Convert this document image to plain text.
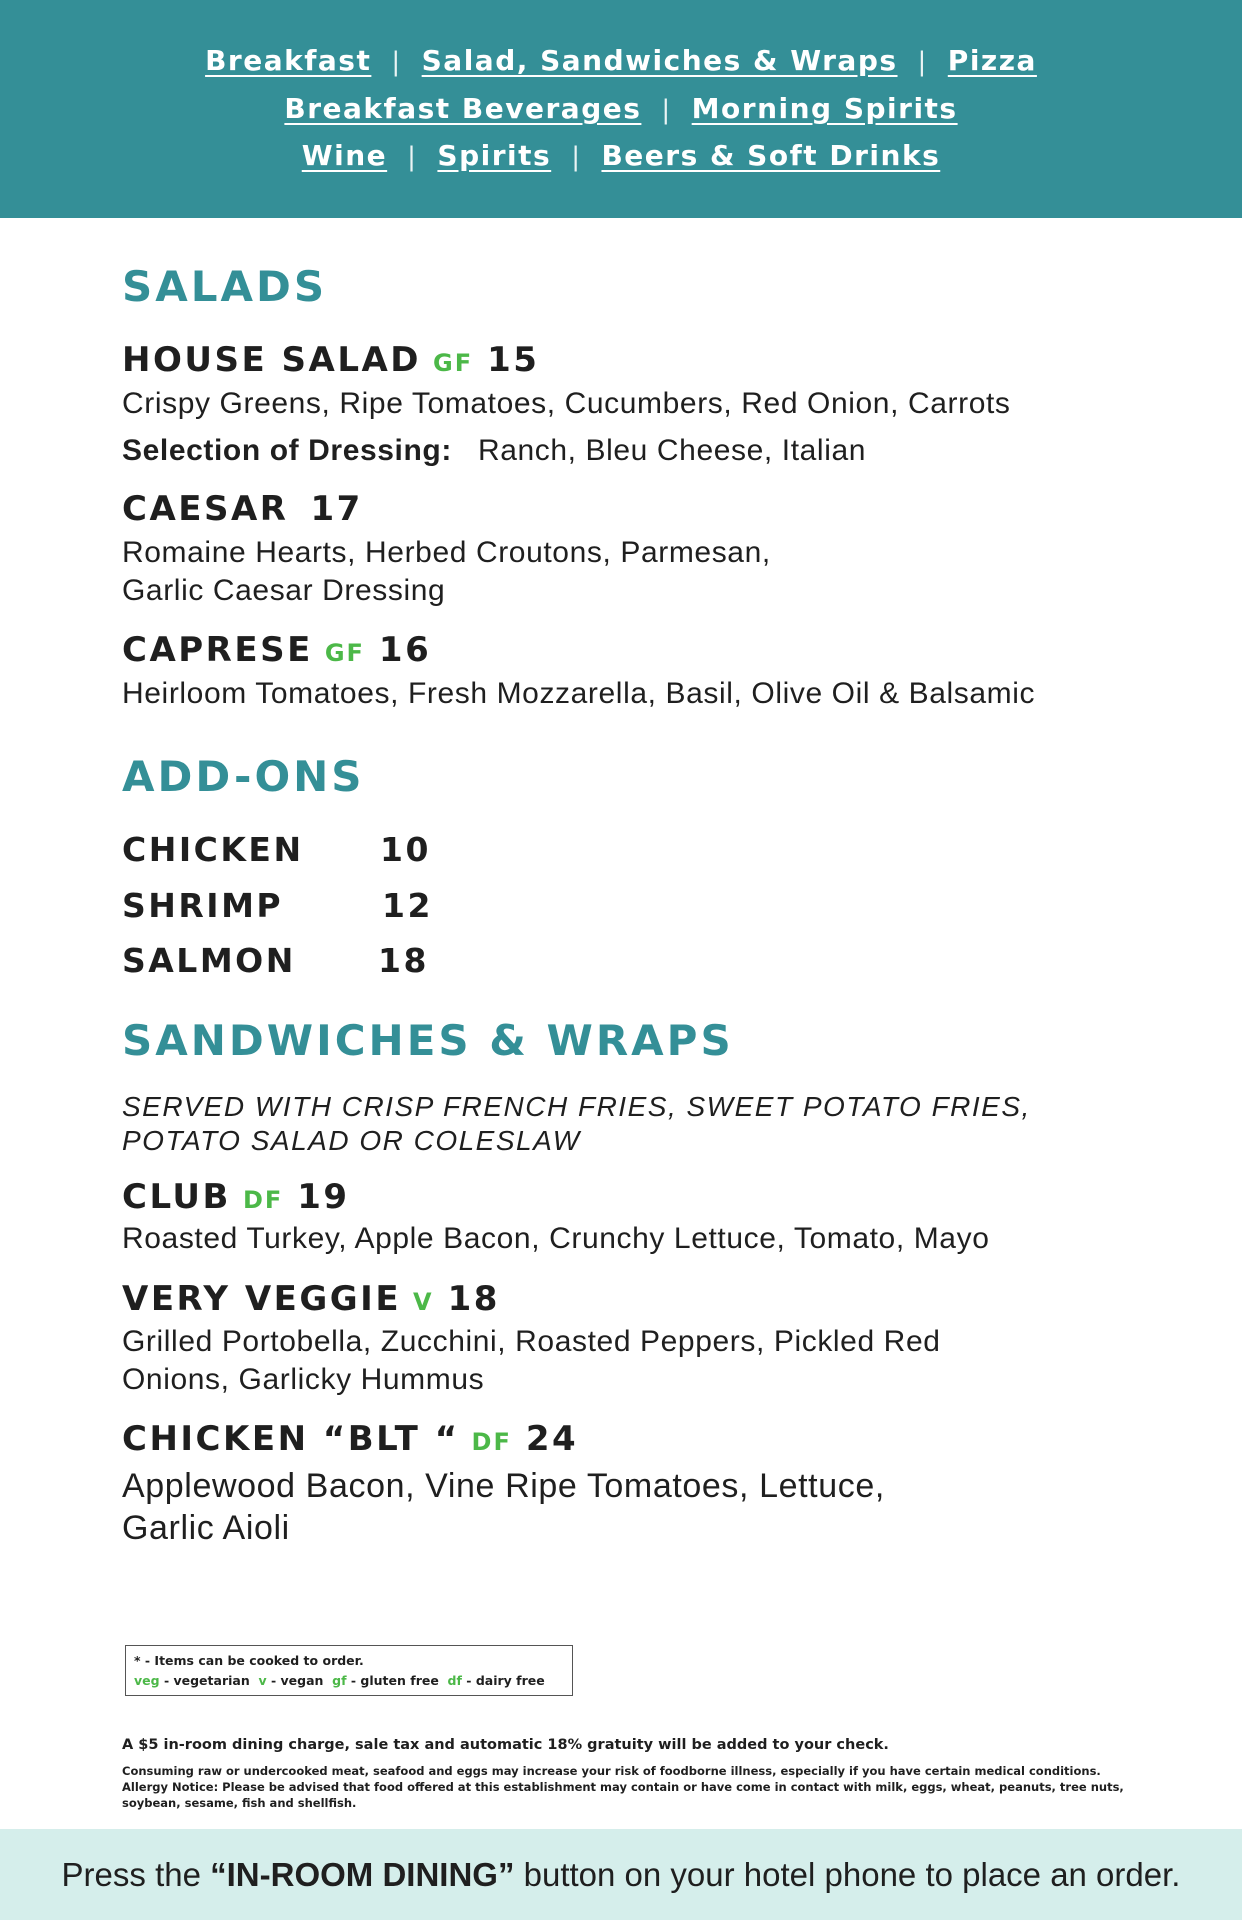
Breakfast | Salad, Sandwiches & Wraps | Pizza
Breakfast Beverages | Morning Spirits
Wine | Spirits | Beers & Soft Drinks
SALADS
HOUSE SALAD GF 15
Crispy Greens, Ripe Tomatoes, Cucumbers, Red Onion, Carrots
Selection of Dressing: Ranch, Bleu Cheese, Italian
CAESAR 17
Romaine Hearts, Herbed Croutons, Parmesan,
Garlic Caesar Dressing
CAPRESE GF 16
Heirloom Tomatoes, Fresh Mozzarella, Basil, Olive Oil & Balsamic
ADD-ONS
CHICKEN 10
SHRIMP	12
SALMON 18
SANDWICHES & WRAPS
SERVED WITH CRISP FRENCH FRIES, SWEET POTATO FRIES,
POTATO SALAD OR COLESLAW
CLUB DF 19
Roasted Turkey, Apple Bacon, Crunchy Lettuce, Tomato, Mayo
VERY VEGGIE V 18
Grilled Portobella, Zucchini, Roasted Peppers, Pickled Red
Onions, Garlicky Hummus
CHICKEN “BLT “ DF 24
Applewood Bacon, Vine Ripe Tomatoes, Lettuce,
Garlic Aioli
* - Items can be cooked to order.
veg - vegetarian v - vegan gf - gluten free df - dairy free
A $5 in-room dining charge, sale tax and automatic 18% gratuity will be added to your check.
Consuming raw or undercooked meat, seafood and eggs may increase your risk of foodborne illness, especially if you have certain medical conditions.
Allergy Notice: Please be advised that food offered at this establishment may contain or have come in contact with milk, eggs, wheat, peanuts, tree nuts, soybean, sesame, fish and shellfish.
Press the “IN-ROOM DINING” button on your hotel phone to place an order.
